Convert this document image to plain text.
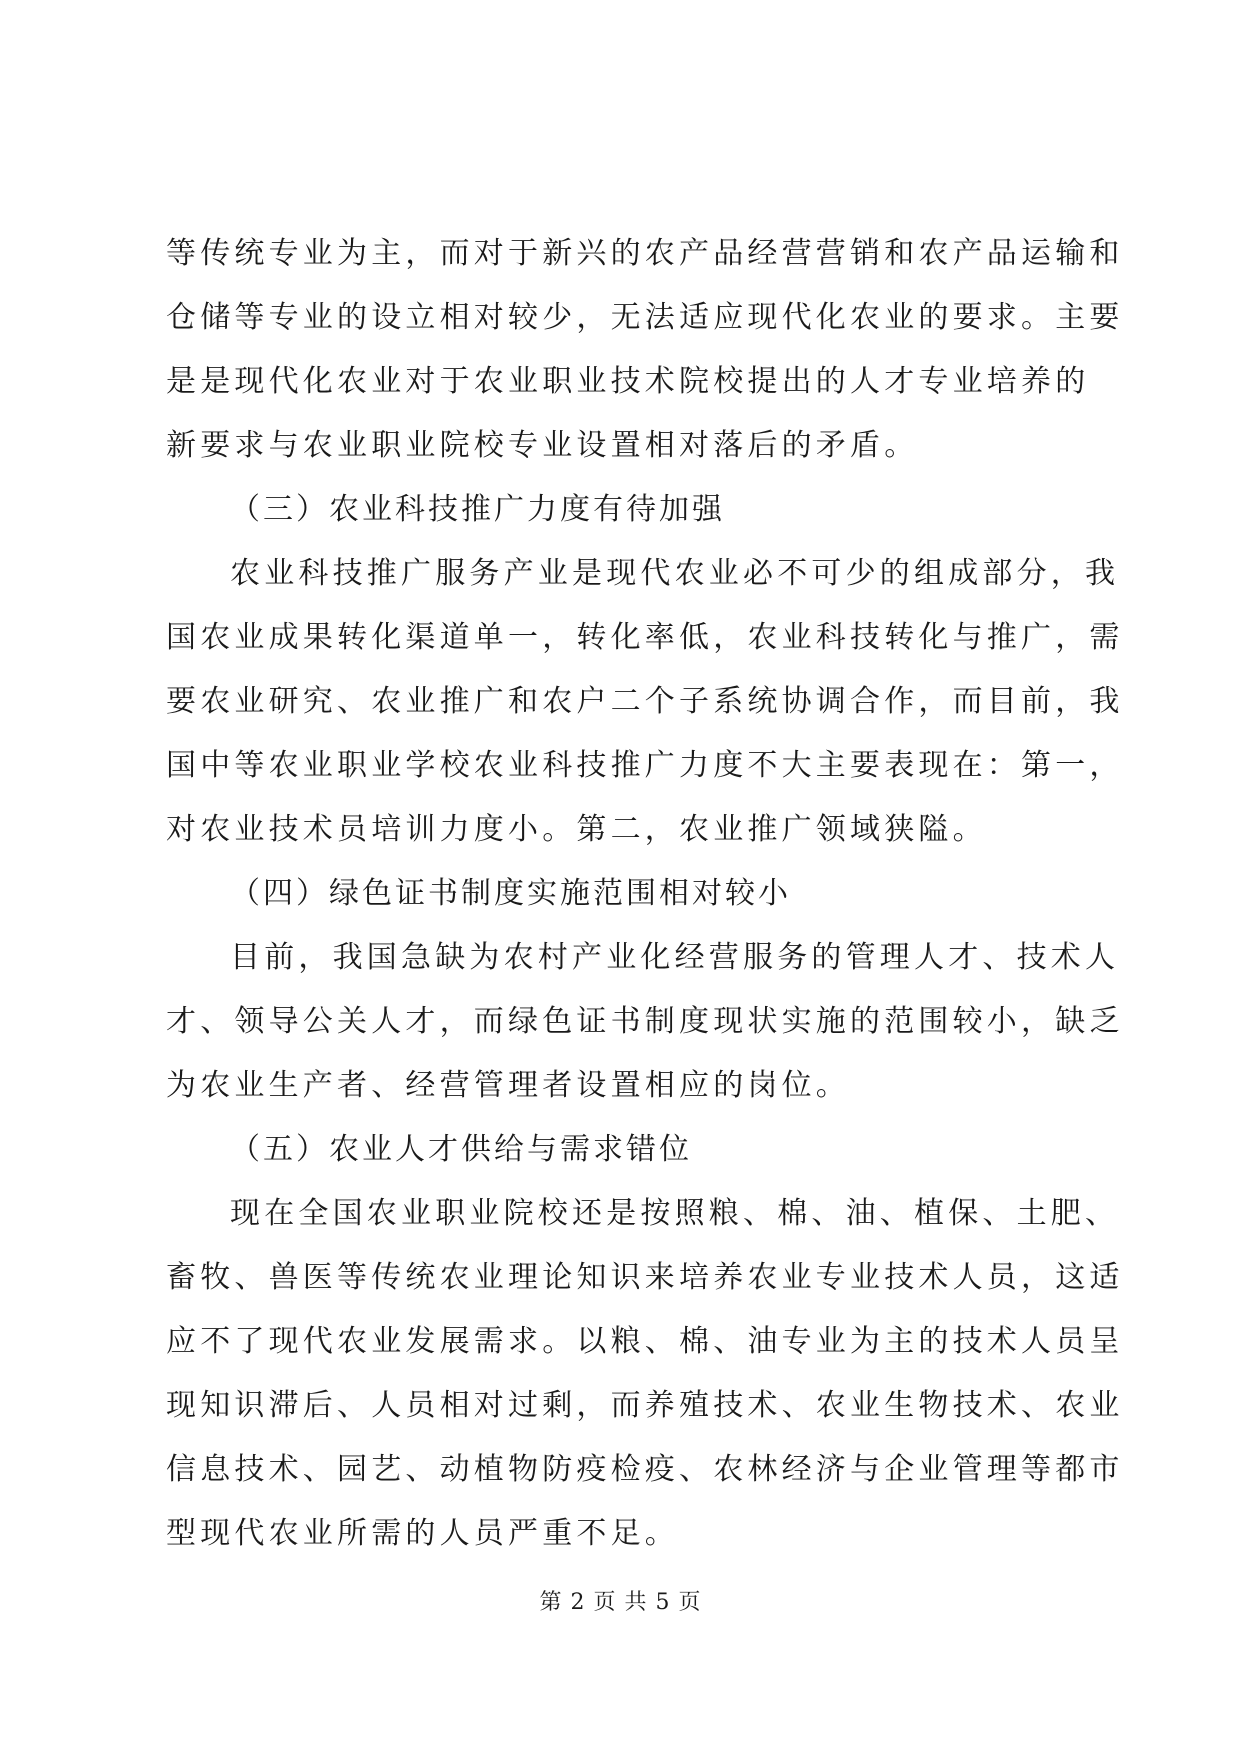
等传统专业为主，而对于新兴的农产品经营营销和农产品运输和
仓储等专业的设立相对较少，无法适应现代化农业的要求。主要
是是现代化农业对于农业职业技术院校提出的人才专业培养的
新要求与农业职业院校专业设置相对落后的矛盾。
（三）农业科技推广力度有待加强
农业科技推广服务产业是现代农业必不可少的组成部分，我
国农业成果转化渠道单一，转化率低，农业科技转化与推广，需
要农业研究、农业推广和农户二个子系统协调合作，而目前，我
国中等农业职业学校农业科技推广力度不大主要表现在：第一，
对农业技术员培训力度小。第二，农业推广领域狭隘。
（四）绿色证书制度实施范围相对较小
目前，我国急缺为农村产业化经营服务的管理人才、技术人
才、领导公关人才，而绿色证书制度现状实施的范围较小，缺乏
为农业生产者、经营管理者设置相应的岗位。
（五）农业人才供给与需求错位
现在全国农业职业院校还是按照粮、棉、油、植保、土肥、
畜牧、兽医等传统农业理论知识来培养农业专业技术人员，这适
应不了现代农业发展需求。以粮、棉、油专业为主的技术人员呈
现知识滞后、人员相对过剩，而养殖技术、农业生物技术、农业
信息技术、园艺、动植物防疫检疫、农林经济与企业管理等都市
型现代农业所需的人员严重不足。
第 2 页 共 5 页
